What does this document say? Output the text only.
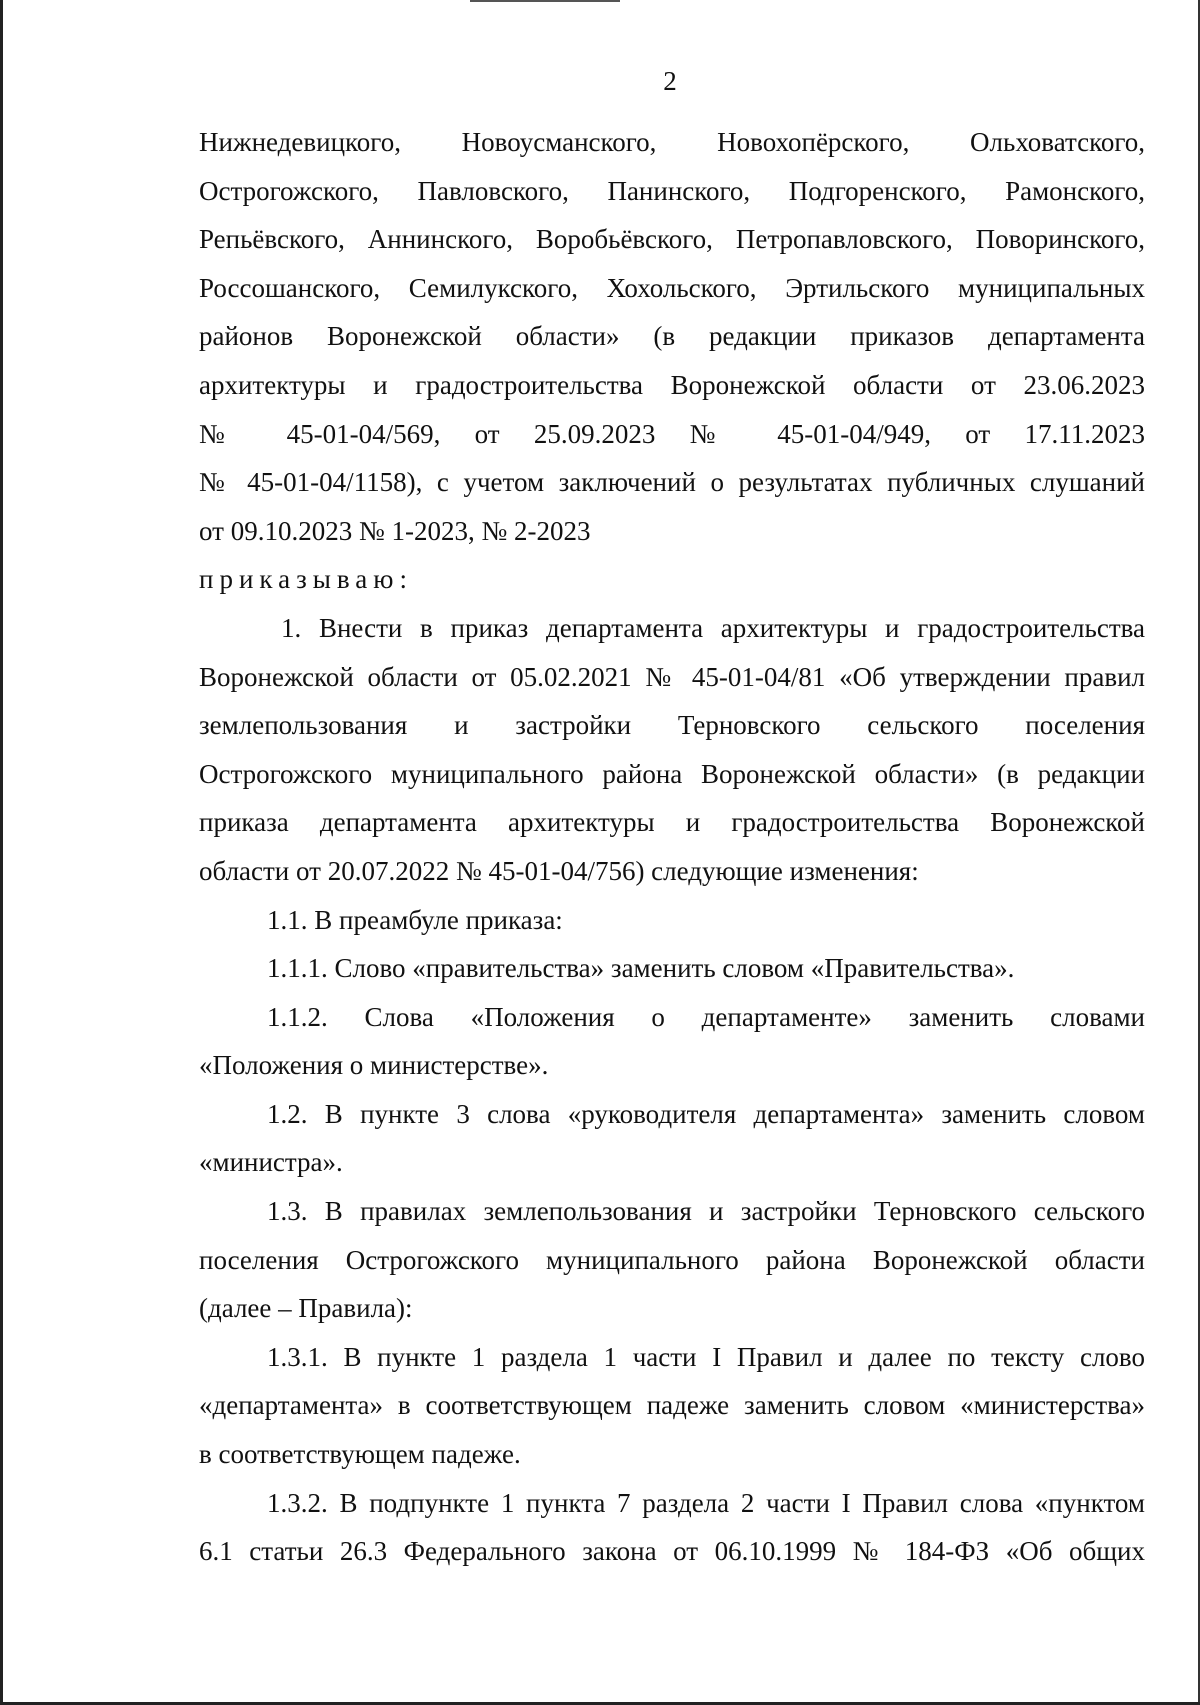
2
Нижнедевицкого, Новоусманского, Новохопёрского, Ольховатского,
Острогожского, Павловского, Панинского, Подгоренского, Рамонского,
Репьёвского, Аннинского, Воробьёвского, Петропавловского, Поворинского,
Россошанского, Семилукского, Хохольского, Эртильского муниципальных
районов Воронежской области» (в редакции приказов департамента
архитектуры и градостроительства Воронежской области от 23.06.2023
№ 45-01-04/569, от 25.09.2023 № 45-01-04/949, от 17.11.2023
№ 45-01-04/1158), с учетом заключений о результатах публичных слушаний
от 09.10.2023 № 1-2023, № 2-2023
приказываю:
1. Внести в приказ департамента архитектуры и градостроительства
Воронежской области от 05.02.2021 № 45-01-04/81 «Об утверждении правил
землепользования и застройки Терновского сельского поселения
Острогожского муниципального района Воронежской области» (в редакции
приказа департамента архитектуры и градостроительства Воронежской
области от 20.07.2022 № 45-01-04/756) следующие изменения:
1.1. В преамбуле приказа:
1.1.1. Слово «правительства» заменить словом «Правительства».
1.1.2. Слова «Положения о департаменте» заменить словами
«Положения о министерстве».
1.2. В пункте 3 слова «руководителя департамента» заменить словом
«министра».
1.3. В правилах землепользования и застройки Терновского сельского
поселения Острогожского муниципального района Воронежской области
(далее – Правила):
1.3.1. В пункте 1 раздела 1 части I Правил и далее по тексту слово
«департамента» в соответствующем падеже заменить словом «министерства»
в соответствующем падеже.
1.3.2. В подпункте 1 пункта 7 раздела 2 части I Правил слова «пунктом
6.1 статьи 26.3 Федерального закона от 06.10.1999 № 184-ФЗ «Об общих
